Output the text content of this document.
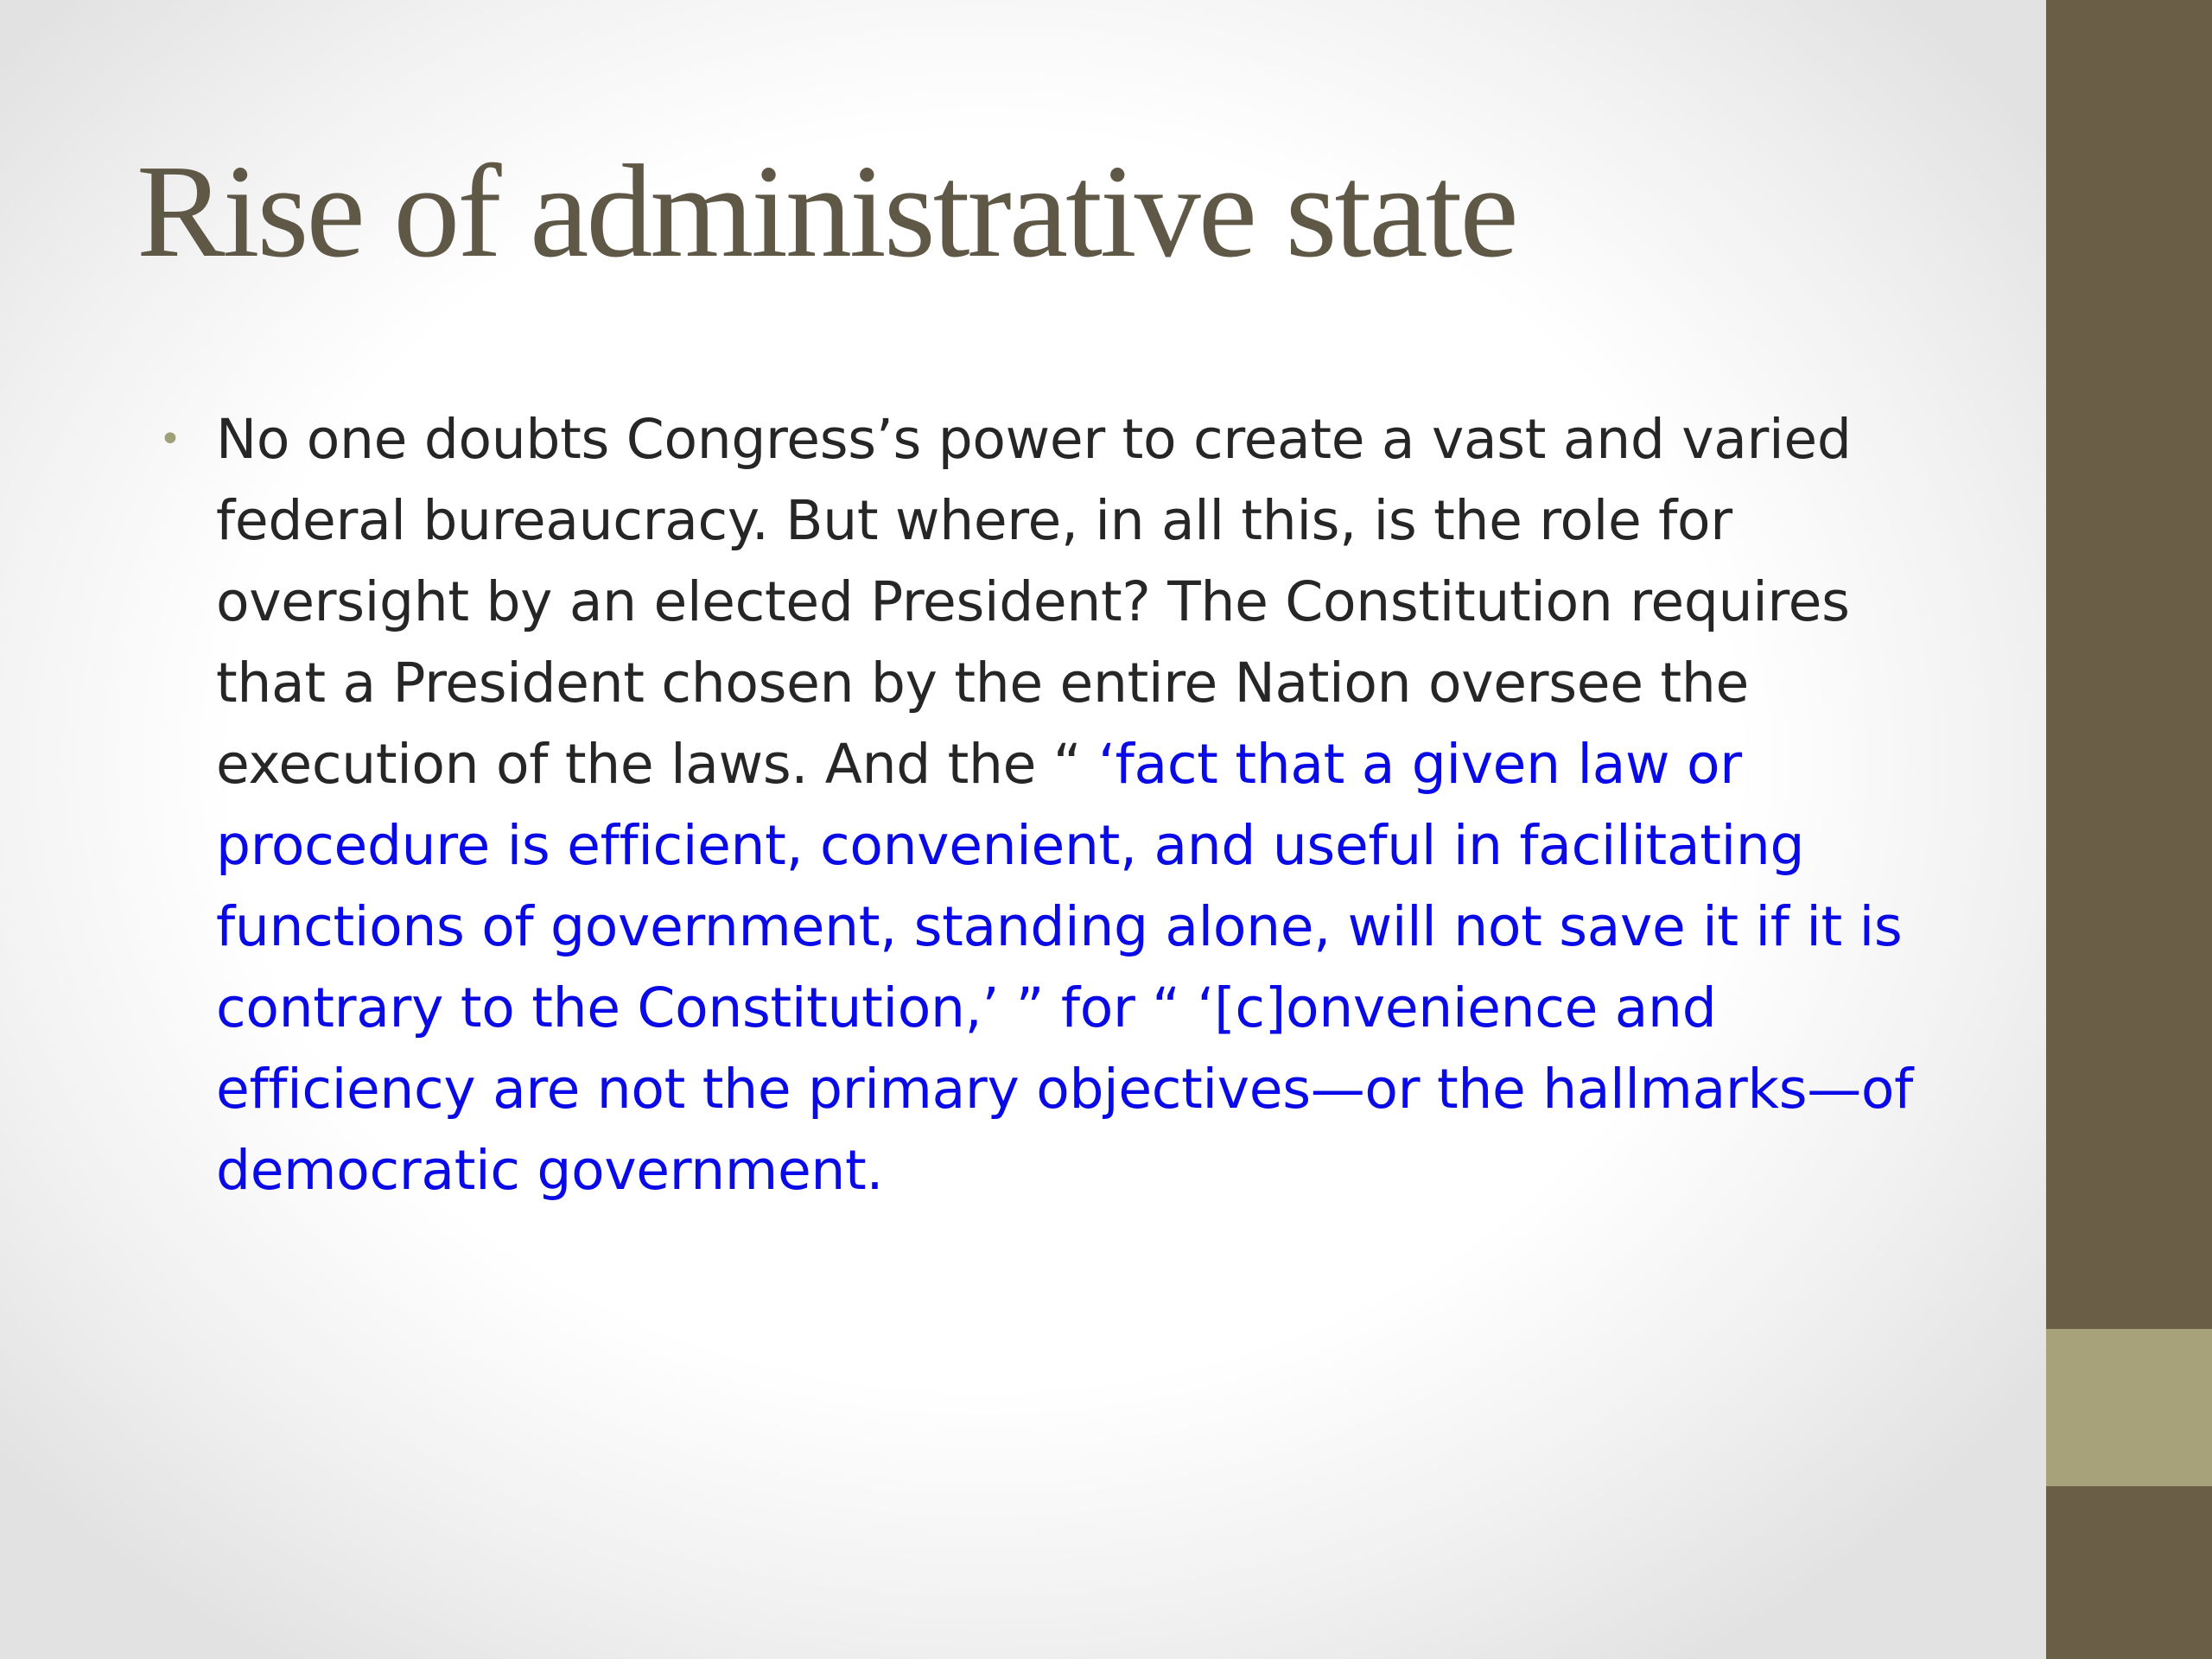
Rise of administrative state
• No one doubts Congress’s power to create a vast and varied federal bureaucracy. But where, in all this, is the role for oversight by an elected President? The Constitution requires that a President chosen by the entire Nation oversee the execution of the laws. And the “ ‘fact that a given law or procedure is efficient, convenient, and useful in facilitating functions of government, standing alone, will not save it if it is contrary to the Constitution,’ ” for “ ‘[c]onvenience and efficiency are not the primary objectives—or the hallmarks—of democratic government.
